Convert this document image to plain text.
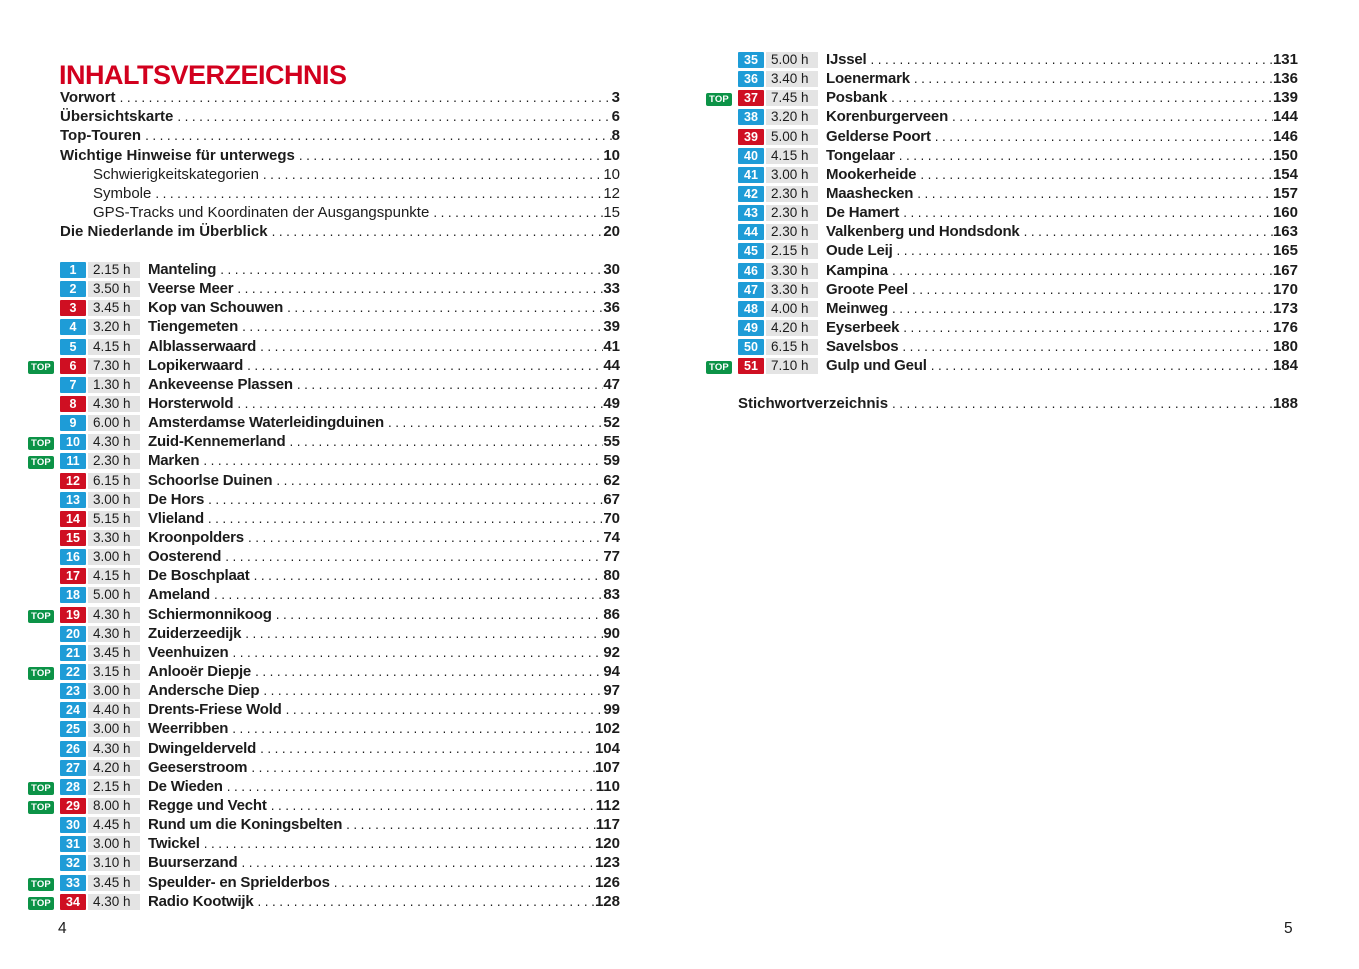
INHALTSVERZEICHNIS
Vorwort .....	3
Übersichtskarte .....	6
Top-Touren .....	8
Wichtige Hinweise für unterwegs .....	10
Schwierigkeitskategorien .....	10
Symbole .....	12
GPS-Tracks und Koordinaten der Ausgangspunkte .....	15
Die Niederlande im Überblick .....	20
1	2.15 h	Manteling .....	30
2	3.50 h	Veerse Meer .....	33
3	3.45 h	Kop van Schouwen .....	36
4	3.20 h	Tiengemeten .....	39
5	4.15 h	Alblasserwaard .....	41
TOP	6	7.30 h	Lopikerwaard .....	44
7	1.30 h	Ankeveense Plassen .....	47
8	4.30 h	Horsterwold .....	49
9	6.00 h	Amsterdamse Waterleidingduinen .....	52
TOP	10 4.30 h	Zuid-Kennemerland .....	55
TOP	11 2.30 h	Marken .....	59
12 6.15 h	Schoorlse Duinen .....	62
13 3.00 h	De Hors .....	67
14 5.15 h	Vlieland .....	70
15 3.30 h	Kroonpolders .....	74
16 3.00 h	Oosterend .....	77
17 4.15 h	De Boschplaat .....	80
18 5.00 h	Ameland .....	83
TOP	19 4.30 h	Schiermonnikoog .....	86
20 4.30 h	Zuiderzeedijk .....	90
21 3.45 h	Veenhuizen .....	92
TOP	22 3.15 h	Anlooër Diepje .....	94
23 3.00 h	Andersche Diep .....	97
24 4.40 h	Drents-Friese Wold .....	99
25 3.00 h	Weerribben .....	102
26 4.30 h	Dwingelderveld .....	104
27 4.20 h	Geeserstroom .....	107
TOP	28 2.15 h	De Wieden .....	110
TOP	29 8.00 h	Regge und Vecht .....	112
30 4.45 h	Rund um die Koningsbelten .....	117
31 3.00 h	Twickel .....	120
32 3.10 h	Buurserzand .....	123
TOP	33 3.45 h	Speulder- en Sprielderbos .....	126
TOP	34 4.30 h	Radio Kootwijk .....	128
35 5.00 h	IJssel .....	131
36 3.40 h	Loenermark .....	136
TOP	37 7.45 h	Posbank .....	139
38 3.20 h	Korenburgerveen .....	144
39 5.00 h	Gelderse Poort .....	146
40 4.15 h	Tongelaar .....	150
41 3.00 h	Mookerheide .....	154
42 2.30 h	Maashecken .....	157
43 2.30 h	De Hamert .....	160
44 2.30 h	Valkenberg und Hondsdonk .....	163
45 2.15 h	Oude Leij .....	165
46 3.30 h	Kampina .....	167
47 3.30 h	Groote Peel .....	170
48 4.00 h	Meinweg .....	173
49 4.20 h	Eyserbeek .....	176
50 6.15 h	Savelsbos .....	180
TOP	51 7.10 h	Gulp und Geul .....	184
Stichwortverzeichnis .....	188
4	5
